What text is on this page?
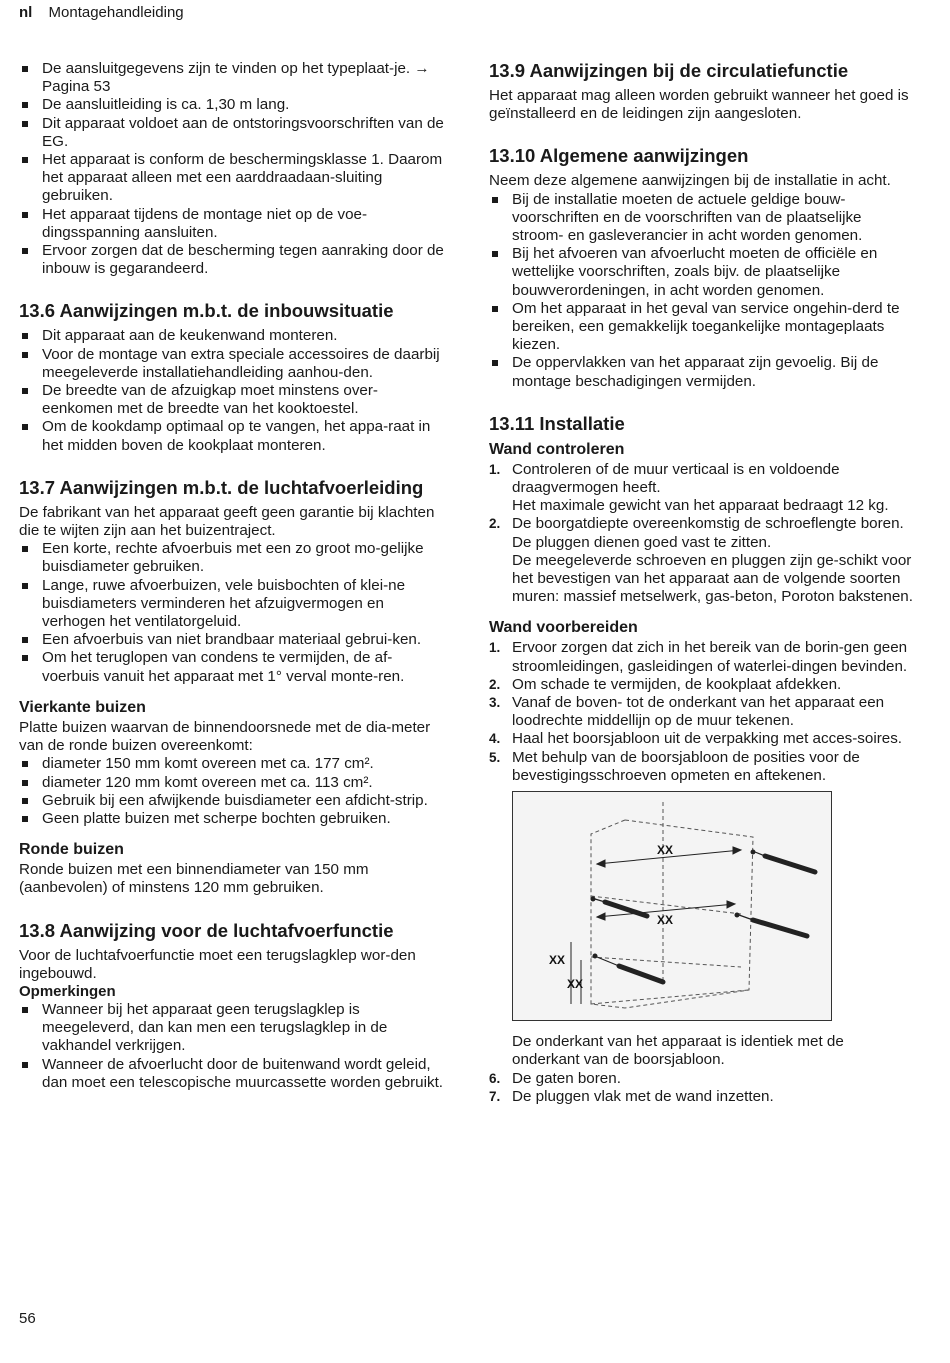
nl Montagehandleiding
De aansluitgegevens zijn te vinden op het typeplaat-je. → Pagina 53
De aansluitleiding is ca. 1,30 m lang.
Dit apparaat voldoet aan de ontstoringsvoorschriften van de EG.
Het apparaat is conform de beschermingsklasse 1. Daarom het apparaat alleen met een aarddraadaan-sluiting gebruiken.
Het apparaat tijdens de montage niet op de voe-dingsspanning aansluiten.
Ervoor zorgen dat de bescherming tegen aanraking door de inbouw is gegarandeerd.
13.6 Aanwijzingen m.b.t. de inbouwsituatie
Dit apparaat aan de keukenwand monteren.
Voor de montage van extra speciale accessoires de daarbij meegeleverde installatiehandleiding aanhou-den.
De breedte van de afzuigkap moet minstens over-eenkomen met de breedte van het kooktoestel.
Om de kookdamp optimaal op te vangen, het appa-raat in het midden boven de kookplaat monteren.
13.7 Aanwijzingen m.b.t. de luchtafvoerleiding

De fabrikant van het apparaat geeft geen garantie bij klachten die te wijten zijn aan het buizentraject.

Een korte, rechte afvoerbuis met een zo groot mo-gelijke buisdiameter gebruiken.
Lange, ruwe afvoerbuizen, vele buisbochten of klei-ne buisdiameters verminderen het afzuigvermogen en verhogen het ventilatorgeluid.
Een afvoerbuis van niet brandbaar materiaal gebrui-ken.
Om het teruglopen van condens te vermijden, de af-voerbuis vanuit het apparaat met 1° verval monte-ren.
Vierkante buizen

Platte buizen waarvan de binnendoorsnede met de dia-meter van de ronde buizen overeenkomt:

diameter 150 mm komt overeen met ca. 177 cm².
diameter 120 mm komt overeen met ca. 113 cm².
Gebruik bij een afwijkende buisdiameter een afdicht-strip.
Geen platte buizen met scherpe bochten gebruiken.
Ronde buizen

Ronde buizen met een binnendiameter van 150 mm (aanbevolen) of minstens 120 mm gebruiken.

13.8 Aanwijzing voor de luchtafvoerfunctie

Voor de luchtafvoerfunctie moet een terugslagklep wor-den ingebouwd.

Opmerkingen
Wanneer bij het apparaat geen terugslagklep is meegeleverd, dan kan men een terugslagklep in de vakhandel verkrijgen.
Wanneer de afvoerlucht door de buitenwand wordt geleid, dan moet een telescopische muurcassette worden gebruikt.
13.9 Aanwijzingen bij de circulatiefunctie

Het apparaat mag alleen worden gebruikt wanneer het goed is geïnstalleerd en de leidingen zijn aangesloten.

13.10 Algemene aanwijzingen

Neem deze algemene aanwijzingen bij de installatie in acht.

Bij de installatie moeten de actuele geldige bouw-voorschriften en de voorschriften van de plaatselijke stroom- en gasleverancier in acht worden genomen.
Bij het afvoeren van afvoerlucht moeten de officiële en wettelijke voorschriften, zoals bijv. de plaatselijke bouwverordeningen, in acht worden genomen.
Om het apparaat in het geval van service ongehin-derd te bereiken, een gemakkelijk toegankelijke montageplaats kiezen.
De oppervlakken van het apparaat zijn gevoelig. Bij de montage beschadigingen vermijden.
13.11 Installatie
Wand controleren
1. Controleren of de muur verticaal is en voldoende draagvermogen heeft.
Het maximale gewicht van het apparaat bedraagt 12 kg.
2. De boorgatdiepte overeenkomstig de schroeflengte boren.
De pluggen dienen goed vast te zitten.
De meegeleverde schroeven en pluggen zijn ge-schikt voor het bevestigen van het apparaat aan de volgende soorten muren: massief metselwerk, gas-beton, Poroton bakstenen.
Wand voorbereiden
1. Ervoor zorgen dat zich in het bereik van de borin-gen geen stroomleidingen, gasleidingen of waterlei-dingen bevinden.
2. Om schade te vermijden, de kookplaat afdekken.
3. Vanaf de boven- tot de onderkant van het apparaat een loodrechte middellijn op de muur tekenen.
4. Haal het boorsjabloon uit de verpakking met acces-soires.
5. Met behulp van de boorsjabloon de posities voor de bevestigingsschroeven opmeten en aftekenen.
XX
XX
XX
XX

De onderkant van het apparaat is identiek met de onderkant van de boorsjabloon.

6. De gaten boren.
7. De pluggen vlak met de wand inzetten.
56
